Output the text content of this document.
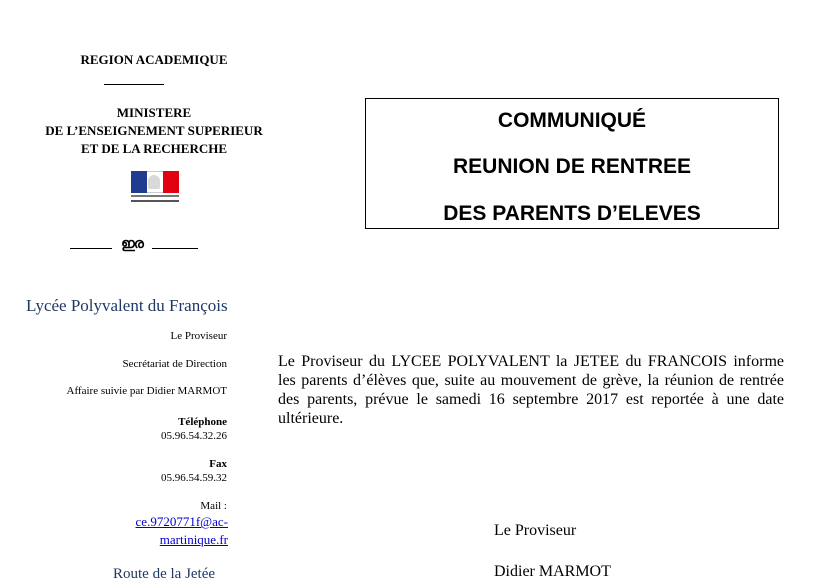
REGION ACADEMIQUE
MINISTERE
DE L’ENSEIGNEMENT SUPERIEUR
ET DE LA RECHERCHE
ഇര
Lycée Polyvalent du François
Le Proviseur
Secrétariat de Direction
Affaire suivie par Didier MARMOT
Téléphone
05.96.54.32.26
Fax
05.96.54.59.32
Mail :
ce.9720771f@ac-
martinique.fr
Route de la Jetée
COMMUNIQUÉ
REUNION DE RENTREE
DES PARENTS D’ELEVES
Le Proviseur du LYCEE POLYVALENT la JETEE du FRANCOIS informe les parents d’élèves que, suite au mouvement de grève, la réunion de rentrée des parents, prévue le samedi 16 septembre 2017 est reportée à une date ultérieure.
Le Proviseur
Didier MARMOT
